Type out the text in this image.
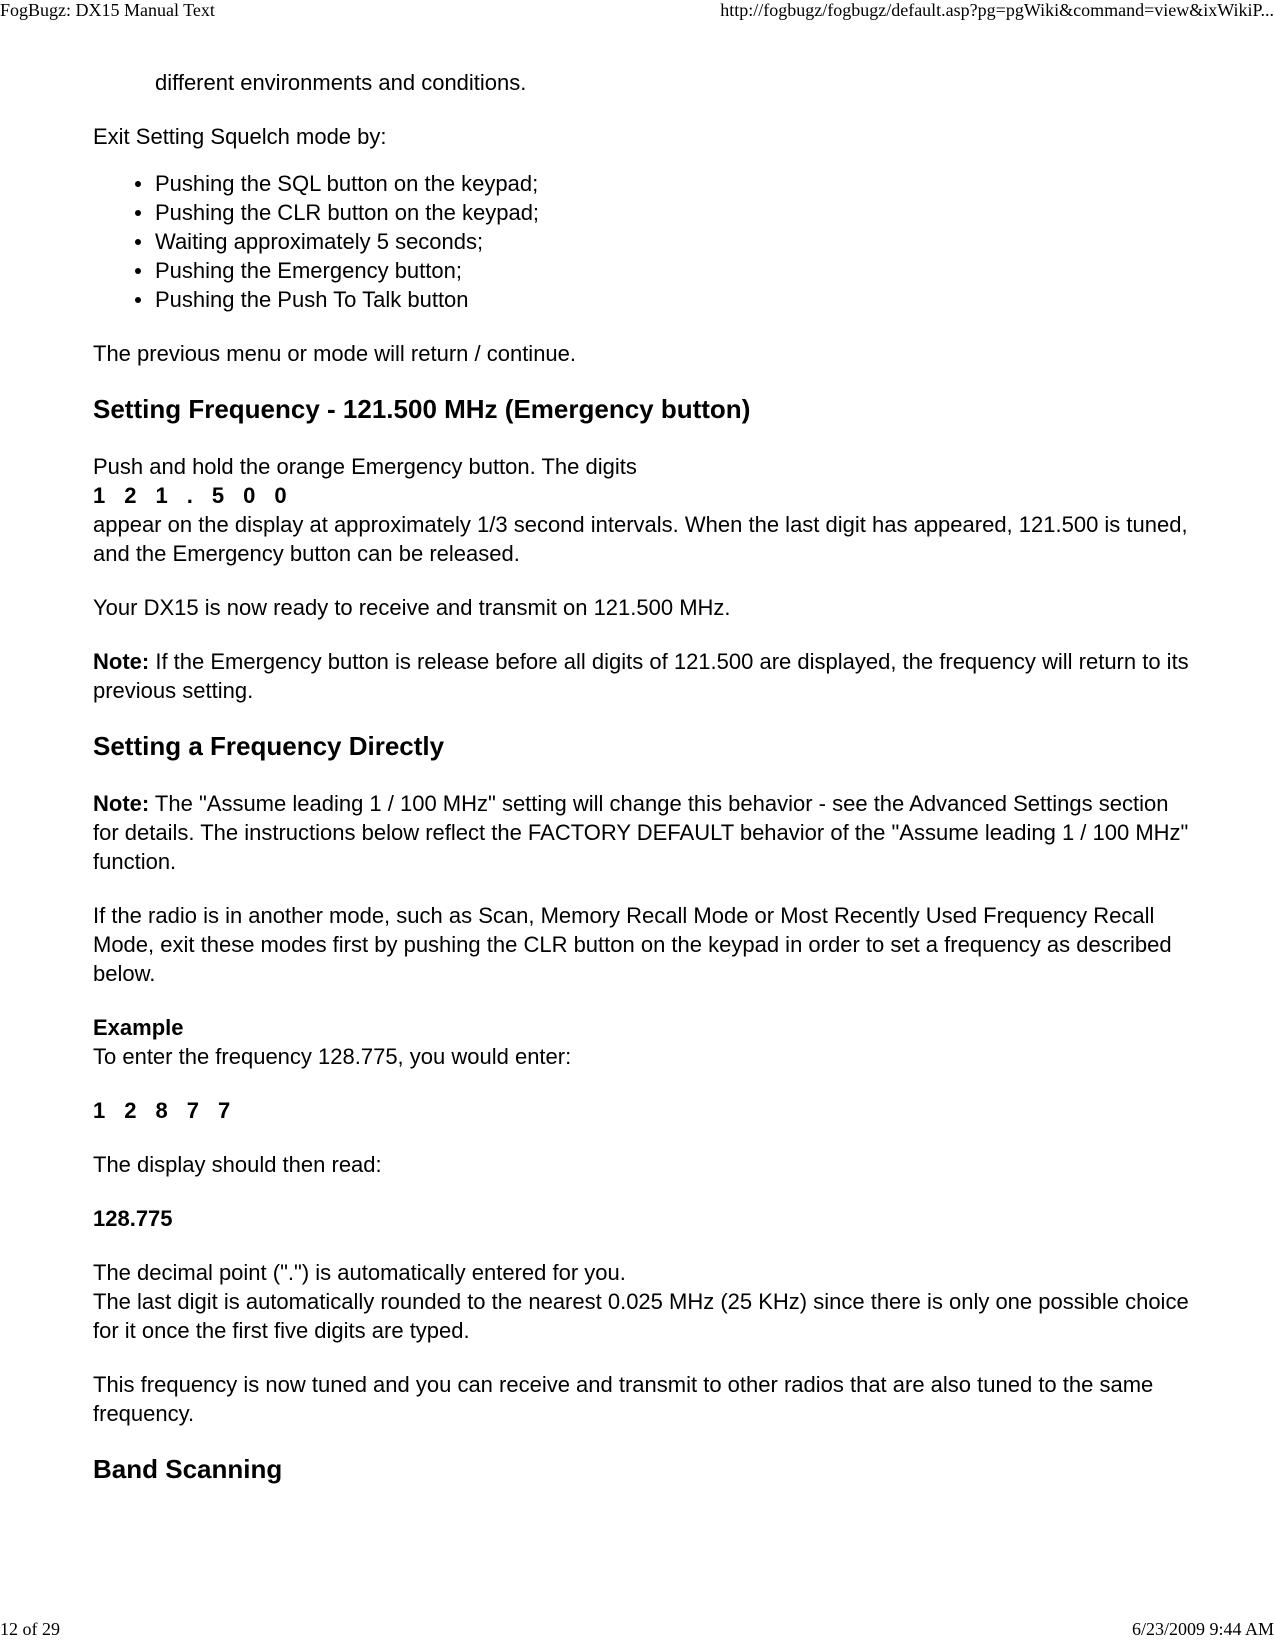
FogBugz: DX15 Manual Text	http://fogbugz/fogbugz/default.asp?pg=pgWiki&command=view&ixWikiP...

different environments and conditions.

Exit Setting Squelch mode by:

Pushing the SQL button on the keypad;
Pushing the CLR button on the keypad;
Waiting approximately 5 seconds;
Pushing the Emergency button;
Pushing the Push To Talk button

The previous menu or mode will return / continue.

Setting Frequency - 121.500 MHz (Emergency button)

Push and hold the orange Emergency button. The digits
1 2 1 . 5 0 0
appear on the display at approximately 1/3 second intervals. When the last digit has appeared, 121.500 is tuned, and the Emergency button can be released.

Your DX15 is now ready to receive and transmit on 121.500 MHz.

Note: If the Emergency button is release before all digits of 121.500 are displayed, the frequency will return to its previous setting.

Setting a Frequency Directly

Note: The "Assume leading 1 / 100 MHz" setting will change this behavior - see the Advanced Settings section for details. The instructions below reflect the FACTORY DEFAULT behavior of the "Assume leading 1 / 100 MHz" function.

If the radio is in another mode, such as Scan, Memory Recall Mode or Most Recently Used Frequency Recall Mode, exit these modes first by pushing the CLR button on the keypad in order to set a frequency as described below.

Example
To enter the frequency 128.775, you would enter:

1 2 8 7 7

The display should then read:

128.775

The decimal point (".") is automatically entered for you.
The last digit is automatically rounded to the nearest 0.025 MHz (25 KHz) since there is only one possible choice for it once the first five digits are typed.

This frequency is now tuned and you can receive and transmit to other radios that are also tuned to the same frequency.

Band Scanning
12 of 29	6/23/2009 9:44 AM
